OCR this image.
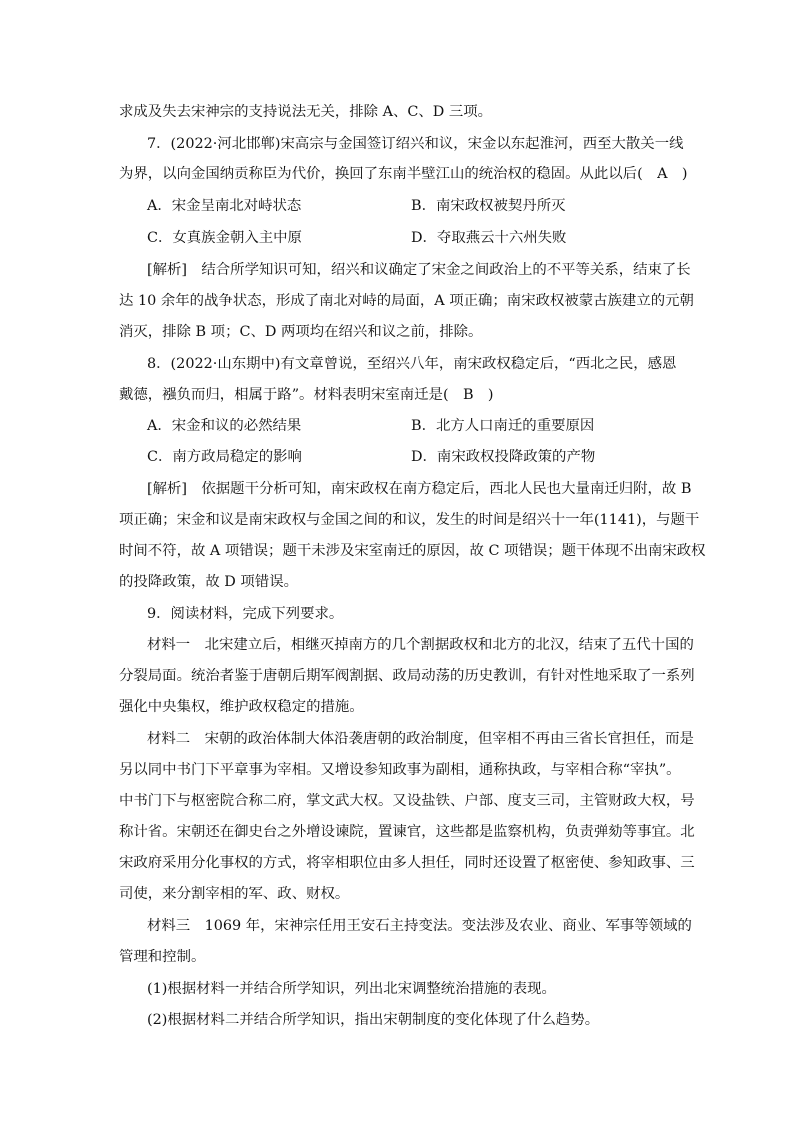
求成及失去宋神宗的支持说法无关，排除 A、C、D 三项。
7．(2022·河北邯郸)宋高宗与金国签订绍兴和议，宋金以东起淮河，西至大散关一线
为界，以向金国纳贡称臣为代价，换回了东南半壁江山的统治权的稳固。从此以后(　A　)
A．宋金呈南北对峙状态	B．南宋政权被契丹所灭
C．女真族金朝入主中原	D．夺取燕云十六州失败
[解析]　结合所学知识可知，绍兴和议确定了宋金之间政治上的不平等关系，结束了长
达 10 余年的战争状态，形成了南北对峙的局面，A 项正确；南宋政权被蒙古族建立的元朝
消灭，排除 B 项；C、D 两项均在绍兴和议之前，排除。
8．(2022·山东期中)有文章曾说，至绍兴八年，南宋政权稳定后，“西北之民，感恩
戴德，襁负而归，相属于路”。材料表明宋室南迁是(　B　)
A．宋金和议的必然结果	B．北方人口南迁的重要原因
C．南方政局稳定的影响	D．南宋政权投降政策的产物
[解析]　依据题干分析可知，南宋政权在南方稳定后，西北人民也大量南迁归附，故 B
项正确；宋金和议是南宋政权与金国之间的和议，发生的时间是绍兴十一年(1141)，与题干
时间不符，故 A 项错误；题干未涉及宋室南迁的原因，故 C 项错误；题干体现不出南宋政权
的投降政策，故 D 项错误。
9．阅读材料，完成下列要求。
材料一　北宋建立后，相继灭掉南方的几个割据政权和北方的北汉，结束了五代十国的
分裂局面。统治者鉴于唐朝后期军阀割据、政局动荡的历史教训，有针对性地采取了一系列
强化中央集权，维护政权稳定的措施。
材料二　宋朝的政治体制大体沿袭唐朝的政治制度，但宰相不再由三省长官担任，而是
另以同中书门下平章事为宰相。又增设参知政事为副相，通称执政，与宰相合称“宰执”。
中书门下与枢密院合称二府，掌文武大权。又设盐铁、户部、度支三司，主管财政大权，号
称计省。宋朝还在御史台之外增设谏院，置谏官，这些都是监察机构，负责弹劾等事宜。北
宋政府采用分化事权的方式，将宰相职位由多人担任，同时还设置了枢密使、参知政事、三
司使，来分割宰相的军、政、财权。
材料三　1069 年，宋神宗任用王安石主持变法。变法涉及农业、商业、军事等领域的
管理和控制。
(1)根据材料一并结合所学知识，列出北宋调整统治措施的表现。
(2)根据材料二并结合所学知识，指出宋朝制度的变化体现了什么趋势。
